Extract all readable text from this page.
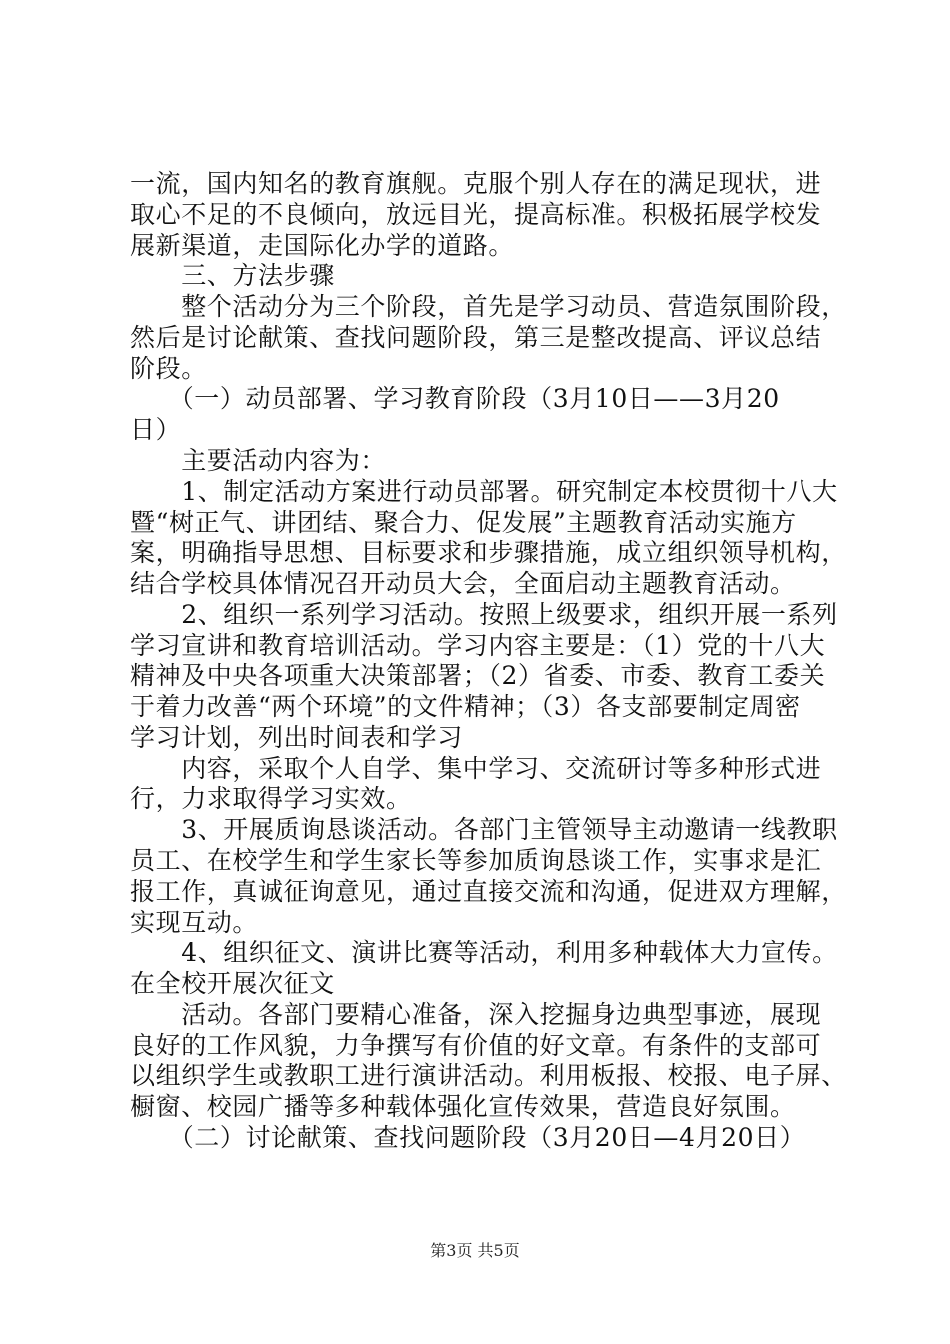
一流，国内知名的教育旗舰。克服个别人存在的满足现状，进
取心不足的不良倾向，放远目光，提高标准。积极拓展学校发
展新渠道，走国际化办学的道路。
　　三、方法步骤
　　整个活动分为三个阶段，首先是学习动员、营造氛围阶段，
然后是讨论献策、查找问题阶段，第三是整改提高、评议总结
阶段。
　　（一）动员部署、学习教育阶段（3月10日——3月20
日）
　　主要活动内容为：
　　1、制定活动方案进行动员部署。研究制定本校贯彻十八大
暨“树正气、讲团结、聚合力、促发展”主题教育活动实施方
案，明确指导思想、目标要求和步骤措施，成立组织领导机构，
结合学校具体情况召开动员大会，全面启动主题教育活动。
　　2、组织一系列学习活动。按照上级要求，组织开展一系列
学习宣讲和教育培训活动。学习内容主要是：（1）党的十八大
精神及中央各项重大决策部署；（2）省委、市委、教育工委关
于着力改善“两个环境”的文件精神；（3）各支部要制定周密
学习计划，列出时间表和学习
　　内容，采取个人自学、集中学习、交流研讨等多种形式进
行，力求取得学习实效。
　　3、开展质询恳谈活动。各部门主管领导主动邀请一线教职
员工、在校学生和学生家长等参加质询恳谈工作，实事求是汇
报工作，真诚征询意见，通过直接交流和沟通，促进双方理解，
实现互动。
　　4、组织征文、演讲比赛等活动，利用多种载体大力宣传。
在全校开展次征文
　　活动。各部门要精心准备，深入挖掘身边典型事迹，展现
良好的工作风貌，力争撰写有价值的好文章。有条件的支部可
以组织学生或教职工进行演讲活动。利用板报、校报、电子屏、
橱窗、校园广播等多种载体强化宣传效果，营造良好氛围。
　　（二）讨论献策、查找问题阶段（3月20日—4月20日）
第3页 共5页
